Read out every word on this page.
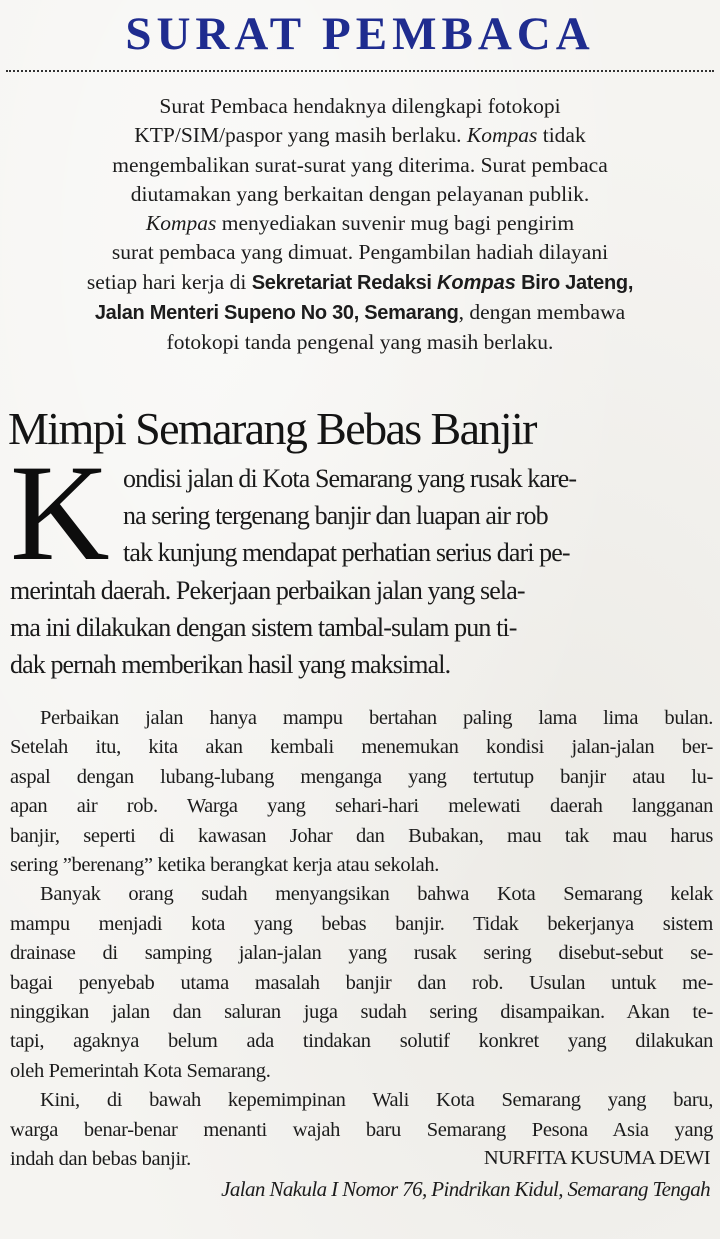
SURAT PEMBACA
Surat Pembaca hendaknya dilengkapi fotokopi
KTP/SIM/paspor yang masih berlaku. Kompas tidak
mengembalikan surat-surat yang diterima. Surat pembaca
diutamakan yang berkaitan dengan pelayanan publik.
Kompas menyediakan suvenir mug bagi pengirim
surat pembaca yang dimuat. Pengambilan hadiah dilayani
setiap hari kerja di Sekretariat Redaksi Kompas Biro Jateng,
Jalan Menteri Supeno No 30, Semarang, dengan membawa
fotokopi tanda pengenal yang masih berlaku.
Mimpi Semarang Bebas Banjir
K ondisi jalan di Kota Semarang yang rusak kare-
na sering tergenang banjir dan luapan air rob
tak kunjung mendapat perhatian serius dari pe-
merintah daerah. Pekerjaan perbaikan jalan yang sela-
ma ini dilakukan dengan sistem tambal-sulam pun ti-
dak pernah memberikan hasil yang maksimal.
Perbaikan jalan hanya mampu bertahan paling lama lima bulan.
Setelah itu, kita akan kembali menemukan kondisi jalan-jalan ber-
aspal dengan lubang-lubang menganga yang tertutup banjir atau lu-
apan air rob. Warga yang sehari-hari melewati daerah langganan
banjir, seperti di kawasan Johar dan Bubakan, mau tak mau harus
sering ”berenang” ketika berangkat kerja atau sekolah.
Banyak orang sudah menyangsikan bahwa Kota Semarang kelak
mampu menjadi kota yang bebas banjir. Tidak bekerjanya sistem
drainase di samping jalan-jalan yang rusak sering disebut-sebut se-
bagai penyebab utama masalah banjir dan rob. Usulan untuk me-
ninggikan jalan dan saluran juga sudah sering disampaikan. Akan te-
tapi, agaknya belum ada tindakan solutif konkret yang dilakukan
oleh Pemerintah Kota Semarang.
Kini, di bawah kepemimpinan Wali Kota Semarang yang baru,
warga benar-benar menanti wajah baru Semarang Pesona Asia yang
indah dan bebas banjir.	NURFITA KUSUMA DEWI
Jalan Nakula I Nomor 76, Pindrikan Kidul, Semarang Tengah
